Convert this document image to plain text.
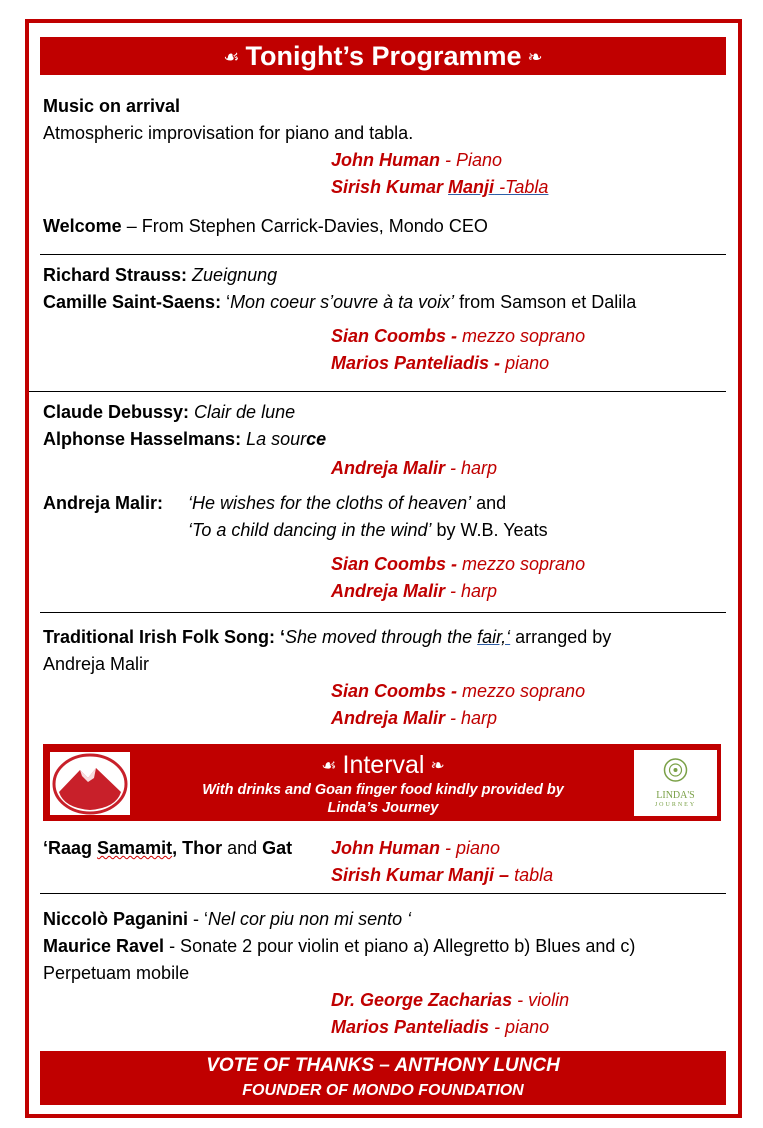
☙ Tonight’s Programme ❧
Music on arrival
Atmospheric improvisation for piano and tabla.
John Human - Piano
Sirish Kumar Manji -Tabla
Welcome – From Stephen Carrick-Davies, Mondo CEO
Richard Strauss: Zueignung
Camille Saint-Saens: ‘Mon coeur s’ouvre à ta voix’ from Samson et Dalila
Sian Coombs - mezzo soprano
Marios Panteliadis - piano
Claude Debussy: Clair de lune
Alphonse Hasselmans: La source
Andreja Malir - harp
Andreja Malir: ‘He wishes for the cloths of heaven’ and
‘To a child dancing in the wind’ by W.B. Yeats
Sian Coombs - mezzo soprano
Andreja Malir - harp
Traditional Irish Folk Song: ‘She moved through the fair,‘ arranged by
Andreja Malir
Sian Coombs - mezzo soprano
Andreja Malir - harp
☙ Interval ❧
With drinks and Goan finger food kindly provided by
Linda’s Journey
LINDA'S
JOURNEY
‘Raag Samamit, Thor and Gat John Human - piano
Sirish Kumar Manji – tabla
Niccolò Paganini - ‘Nel cor piu non mi sento ‘
Maurice Ravel - Sonate 2 pour violin et piano a) Allegretto b) Blues and c)
Perpetuam mobile
Dr. George Zacharias - violin
Marios Panteliadis - piano
VOTE OF THANKS – ANTHONY LUNCH
FOUNDER OF MONDO FOUNDATION
